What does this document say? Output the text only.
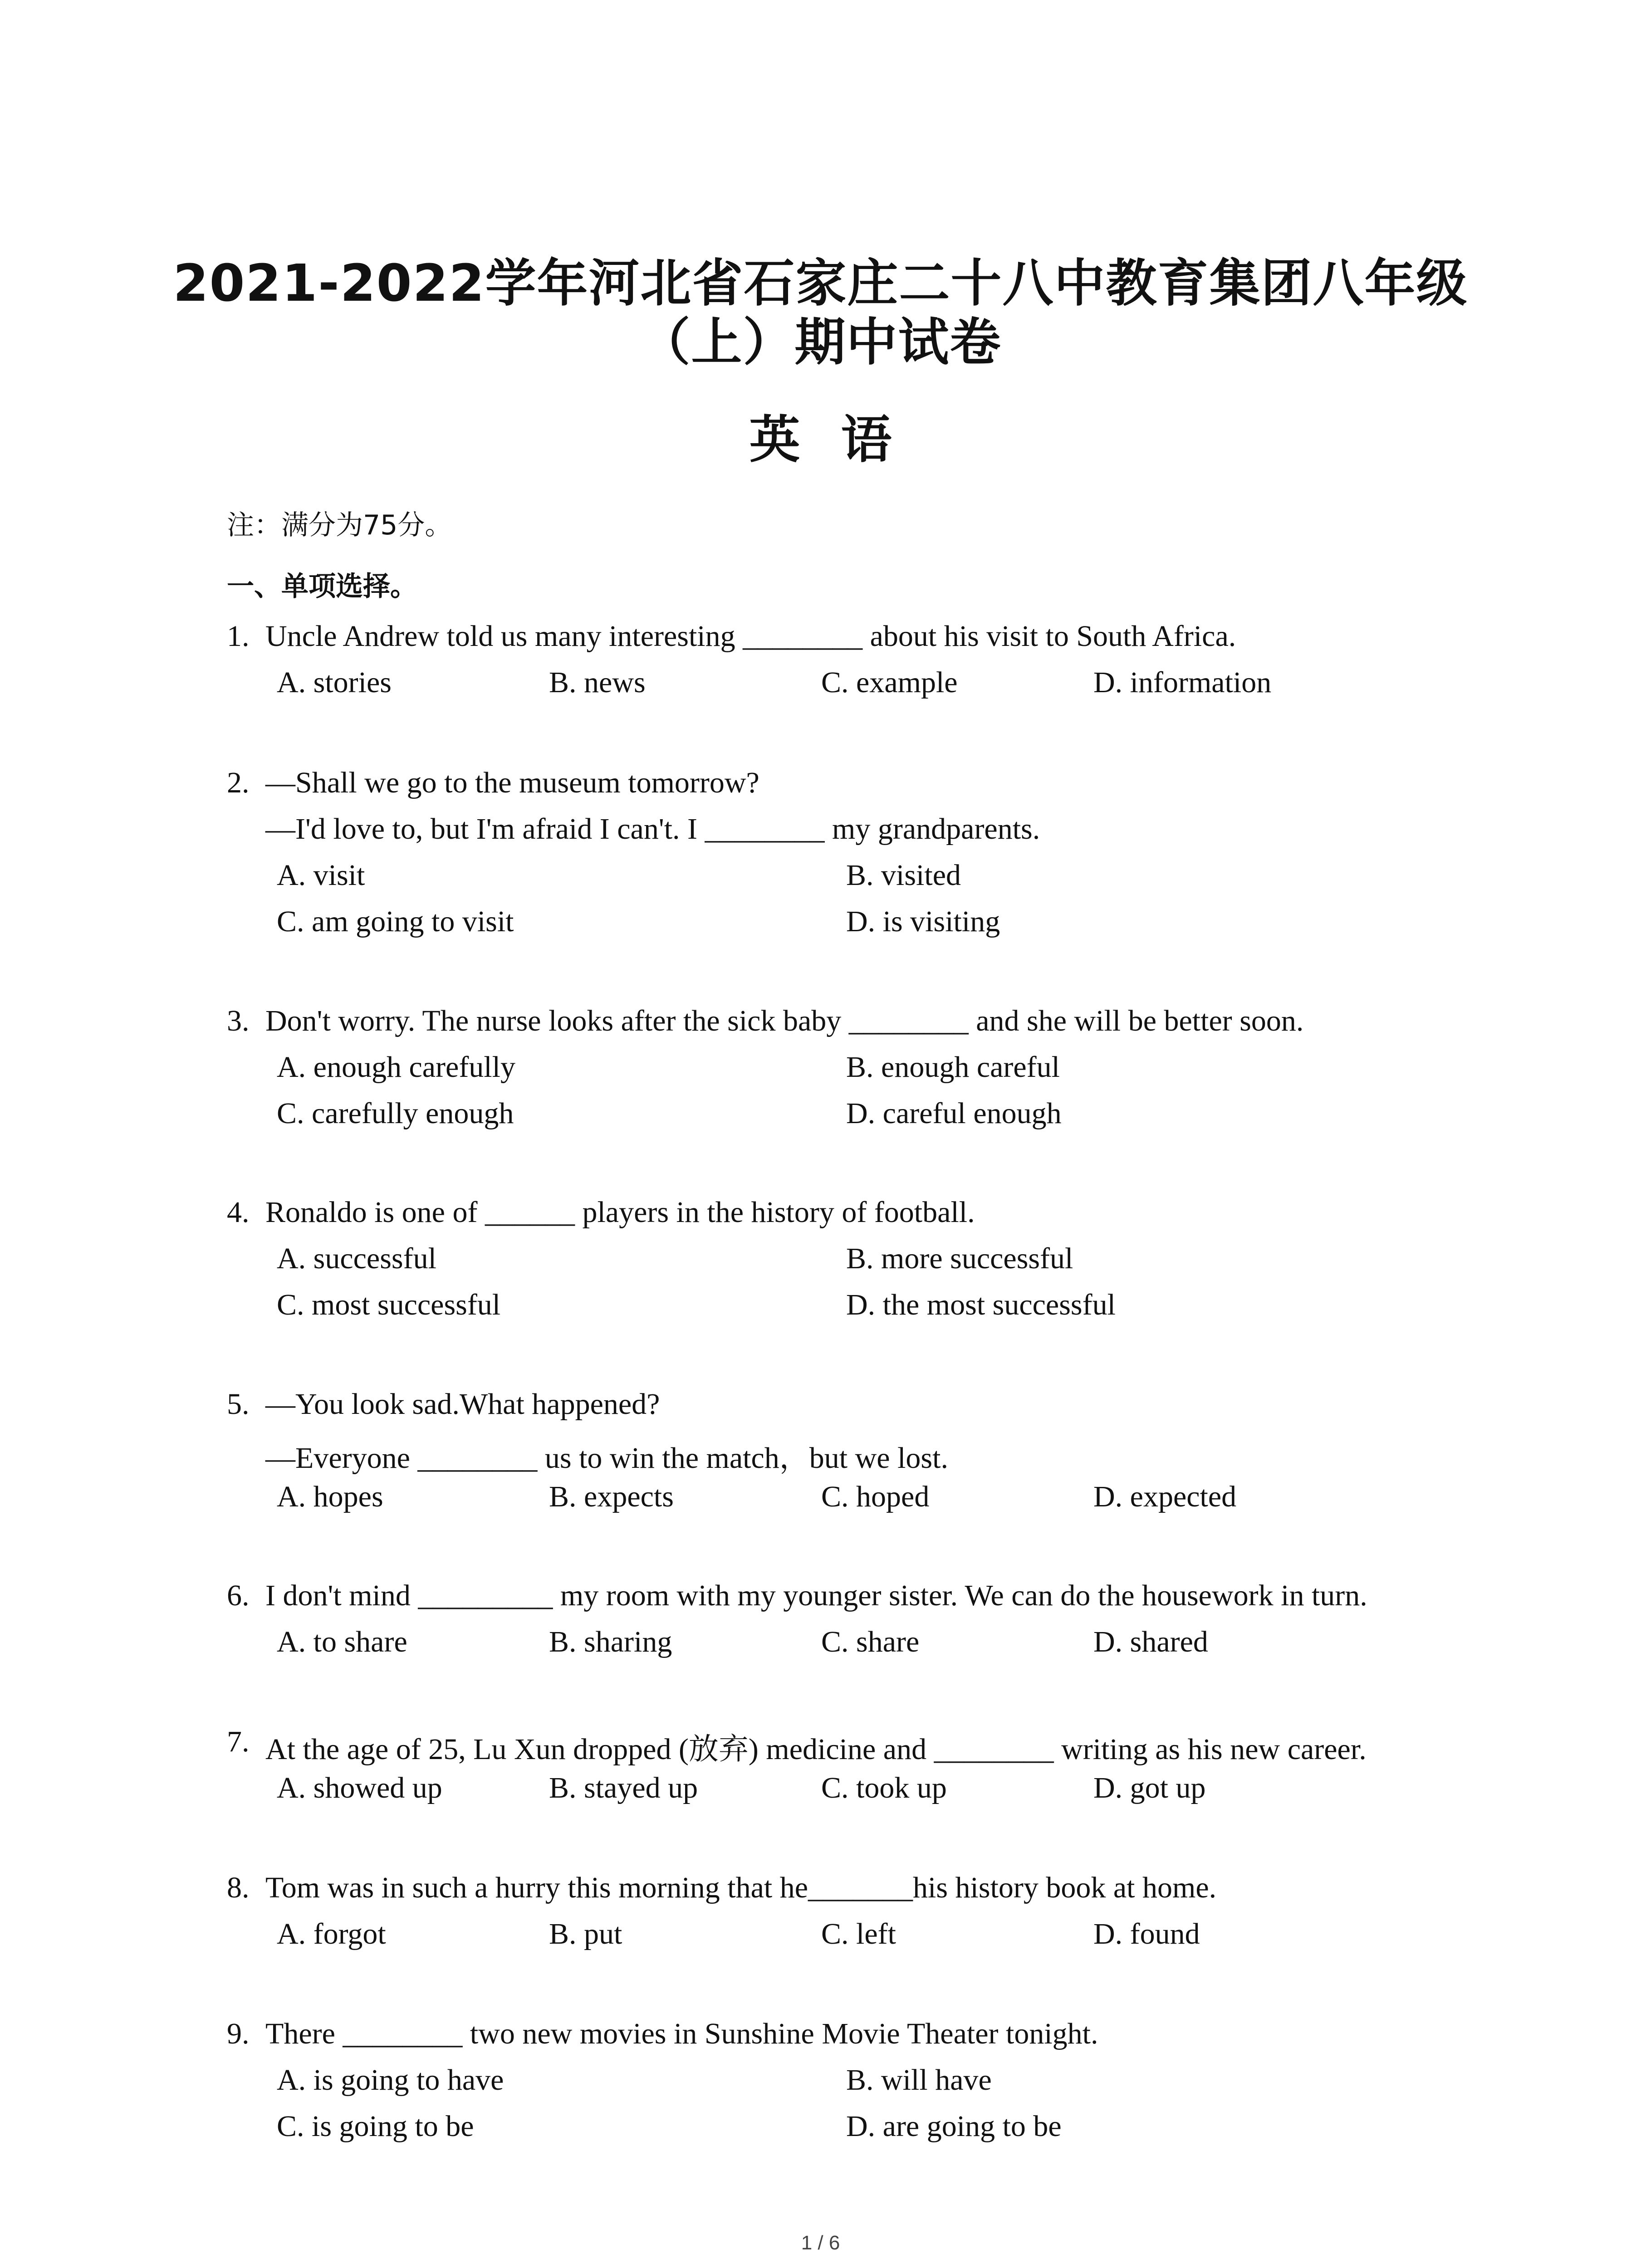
2021-2022学年河北省石家庄二十八中教育集团八年级
（上）期中试卷
英语
注：满分为75分。
一、单项选择。
1. Uncle Andrew told us many interesting ________ about his visit to South Africa.
A. stories	B. news	C. example	D. information
2. —Shall we go to the museum tomorrow?
—I'd love to, but I'm afraid I can't. I ________ my grandparents.
A. visit	B. visited
C. am going to visit	D. is visiting
3. Don't worry. The nurse looks after the sick baby ________ and she will be better soon.
A. enough carefully	B. enough careful
C. carefully enough	D. careful enough
4. Ronaldo is one of ______ players in the history of football.
A. successful	B. more successful
C. most successful	D. the most successful
5. —You look sad.What happened?
—Everyone ________ us to win the match，but we lost.
A. hopes	B. expects	C. hoped	D. expected
6. I don't mind _________ my room with my younger sister. We can do the housework in turn.
A. to share	B. sharing	C. share	D. shared
7. At the age of 25, Lu Xun dropped (放弃) medicine and ________ writing as his new career.
A. showed up	B. stayed up	C. took up	D. got up
8. Tom was in such a hurry this morning that he_______his history book at home.
A. forgot	B. put	C. left	D. found
9. There ________ two new movies in Sunshine Movie Theater tonight.
A. is going to have	B. will have
C. is going to be	D. are going to be
1 / 6
